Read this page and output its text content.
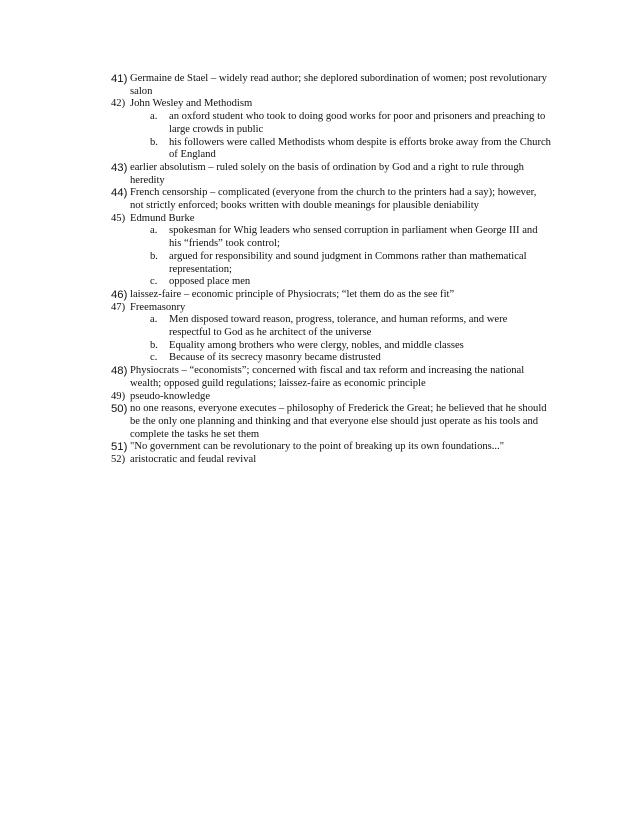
41) Germaine de Stael – widely read author; she deplored subordination of women; post revolutionary salon
42) John Wesley and Methodism
a. an oxford student who took to doing good works for poor and prisoners and preaching to large crowds in public
b. his followers were called Methodists whom despite is efforts broke away from the Church of England
43) earlier absolutism – ruled solely on the basis of ordination by God and a right to rule through heredity
44) French censorship – complicated (everyone from the church to the printers had a say); however, not strictly enforced; books written with double meanings for plausible deniability
45) Edmund Burke
a. spokesman for Whig leaders who sensed corruption in parliament when George III and his “friends” took control;
b. argued for responsibility and sound judgment in Commons rather than mathematical representation;
c. opposed place men
46) laissez-faire – economic principle of Physiocrats; “let them do as the see fit”
47) Freemasonry
a. Men disposed toward reason, progress, tolerance, and human reforms, and were respectful to God as he architect of the universe
b. Equality among brothers who were clergy, nobles, and middle classes
c. Because of its secrecy masonry became distrusted
48) Physiocrats – “economists”; concerned with fiscal and tax reform and increasing the national wealth; opposed guild regulations; laissez-faire as economic principle
49) pseudo-knowledge
50) no one reasons, everyone executes – philosophy of Frederick the Great; he believed that he should be the only one planning and thinking and that everyone else should just operate as his tools and complete the tasks he set them
51) "No government can be revolutionary to the point of breaking up its own foundations..."
52) aristocratic and feudal revival
